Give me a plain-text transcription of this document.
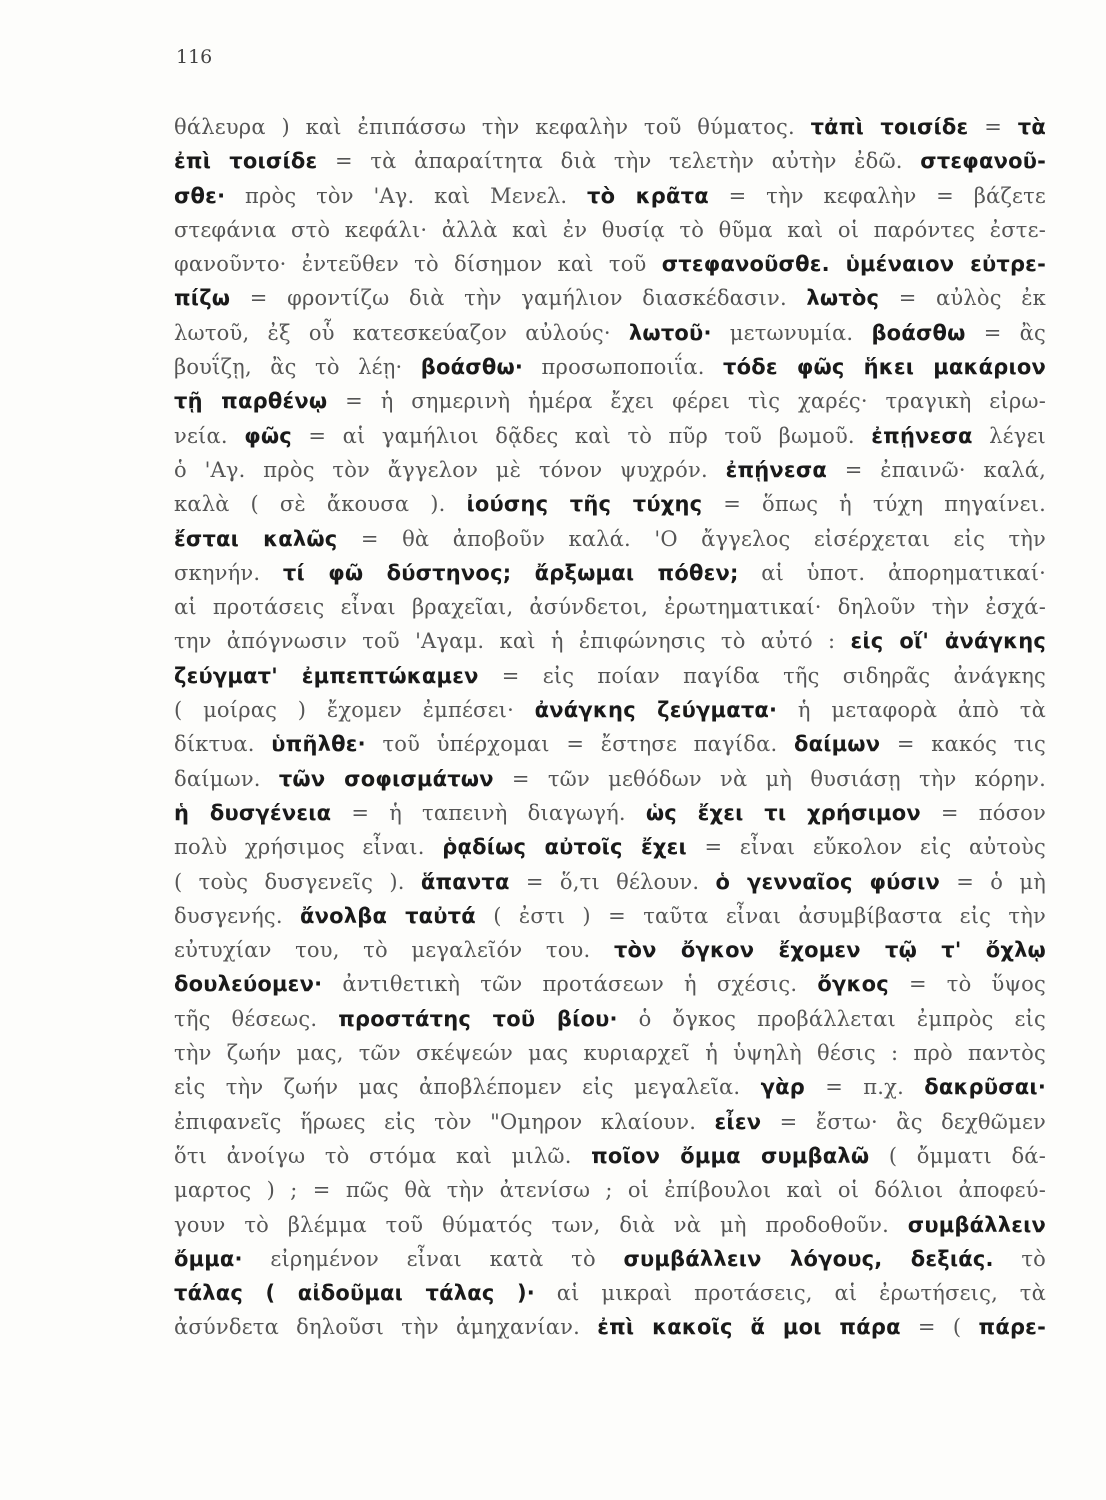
116
θάλευρα ) καὶ ἐπιπάσσω τὴν κεφαλὴν τοῦ θύματος. τἀπὶ τοισίδε = τὰ
ἐπὶ τοισίδε = τὰ ἀπαραίτητα διὰ τὴν τελετὴν αὐτὴν ἐδῶ. στεφανοῦ-
σθε· πρὸς τὸν 'Αγ. καὶ Μενελ. τὸ κρᾶτα = τὴν κεφαλὴν = βάζετε
στεφάνια στὸ κεφάλι· ἀλλὰ καὶ ἐν θυσίᾳ τὸ θῦμα καὶ οἱ παρόντες ἐστε-
φανοῦντο· ἐντεῦθεν τὸ δίσημον καὶ τοῦ στεφανοῦσθε. ὑμέναιον εὐτρε-
πίζω = φροντίζω διὰ τὴν γαμήλιον διασκέδασιν. λωτὸς = αὐλὸς ἐκ
λωτοῦ, ἐξ οὗ κατεσκεύαζον αὐλούς· λωτοῦ· μετωνυμία. βοάσθω = ἂς
βουΐζῃ, ἂς τὸ λέῃ· βοάσθω· προσωποποιΐα. τόδε φῶς ἥκει μακάριον
τῇ παρθένῳ = ἡ σημερινὴ ἡμέρα ἔχει φέρει τὶς χαρές· τραγικὴ εἰρω-
νεία. φῶς = αἱ γαμήλιοι δᾷδες καὶ τὸ πῦρ τοῦ βωμοῦ. ἐπῄνεσα λέγει
ὁ 'Αγ. πρὸς τὸν ἄγγελον μὲ τόνον ψυχρόν. ἐπῄνεσα = ἐπαινῶ· καλά,
καλὰ ( σὲ ἄκουσα ). ἰούσης τῆς τύχης = ὅπως ἡ τύχη πηγαίνει.
ἔσται καλῶς = θὰ ἀποβοῦν καλά. 'Ο ἄγγελος εἰσέρχεται εἰς τὴν
σκηνήν. τί φῶ δύστηνος; ἄρξωμαι πόθεν; αἱ ὑποτ. ἀπορηματικαί·
αἱ προτάσεις εἶναι βραχεῖαι, ἀσύνδετοι, ἐρωτηματικαί· δηλοῦν τὴν ἐσχά-
την ἀπόγνωσιν τοῦ 'Αγαμ. καὶ ἡ ἐπιφώνησις τὸ αὐτό : εἰς οἵ' ἀνάγκης
ζεύγματ' ἐμπεπτώκαμεν = εἰς ποίαν παγίδα τῆς σιδηρᾶς ἀνάγκης
( μοίρας ) ἔχομεν ἐμπέσει· ἀνάγκης ζεύγματα· ἡ μεταφορὰ ἀπὸ τὰ
δίκτυα. ὑπῆλθε· τοῦ ὑπέρχομαι = ἔστησε παγίδα. δαίμων = κακός τις
δαίμων. τῶν σοφισμάτων = τῶν μεθόδων νὰ μὴ θυσιάσῃ τὴν κόρην.
ἡ δυσγένεια = ἡ ταπεινὴ διαγωγή. ὡς ἔχει τι χρήσιμον = πόσον
πολὺ χρήσιμος εἶναι. ῥᾳδίως αὐτοῖς ἔχει = εἶναι εὔκολον εἰς αὐτοὺς
( τοὺς δυσγενεῖς ). ἅπαντα = ὅ,τι θέλουν. ὁ γενναῖος φύσιν = ὁ μὴ
δυσγενής. ἄνολβα ταὐτά ( ἐστι ) = ταῦτα εἶναι ἀσυμβίβαστα εἰς τὴν
εὐτυχίαν του, τὸ μεγαλεῖόν του. τὸν ὄγκον ἔχομεν τῷ τ' ὄχλῳ
δουλεύομεν· ἀντιθετικὴ τῶν προτάσεων ἡ σχέσις. ὄγκος = τὸ ὕψος
τῆς θέσεως. προστάτης τοῦ βίου· ὁ ὄγκος προβάλλεται ἐμπρὸς εἰς
τὴν ζωήν μας, τῶν σκέψεών μας κυριαρχεῖ ἡ ὑψηλὴ θέσις : πρὸ παντὸς
εἰς τὴν ζωήν μας ἀποβλέπομεν εἰς μεγαλεῖα. γὰρ = π.χ. δακρῦσαι·
ἐπιφανεῖς ἥρωες εἰς τὸν "Ομηρον κλαίουν. εἶεν = ἔστω· ἂς δεχθῶμεν
ὅτι ἀνοίγω τὸ στόμα καὶ μιλῶ. ποῖον ὄμμα συμβαλῶ ( ὄμματι δά-
μαρτος ) ; = πῶς θὰ τὴν ἀτενίσω ; οἱ ἐπίβουλοι καὶ οἱ δόλιοι ἀποφεύ-
γουν τὸ βλέμμα τοῦ θύματός των, διὰ νὰ μὴ προδοθοῦν. συμβάλλειν
ὄμμα· εἰρημένον εἶναι κατὰ τὸ συμβάλλειν λόγους, δεξιάς. τὸ
τάλας ( αἰδοῦμαι τάλας )· αἱ μικραὶ προτάσεις, αἱ ἐρωτήσεις, τὰ
ἀσύνδετα δηλοῦσι τὴν ἀμηχανίαν. ἐπὶ κακοῖς ἅ μοι πάρα = ( πάρε-
